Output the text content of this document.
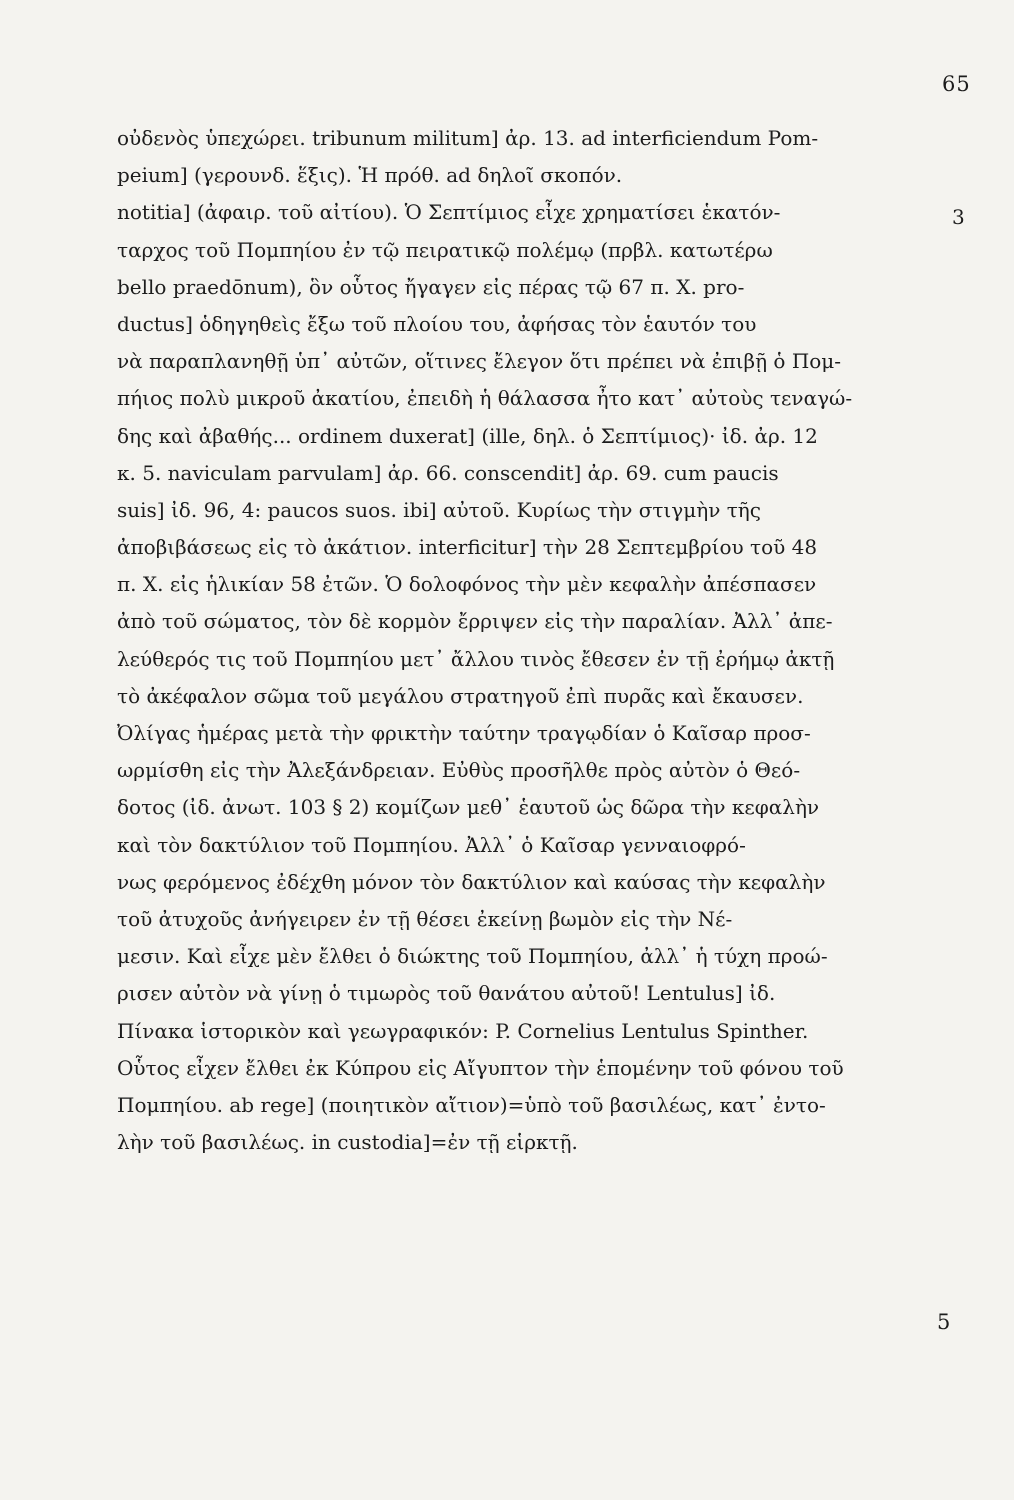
65
3
οὐδενὸς ὑπεχώρει. tribunum militum] ἀρ. 13. ad interficiendum Pom-
peium] (γερουνδ. ἕξις). Ἡ πρόθ. ad δηλοῖ σκοπόν.
notitia] (ἀφαιρ. τοῦ αἰτίου). Ὁ Σεπτίμιος εἶχε χρηματίσει ἑκατόν-
ταρχος τοῦ Πομπηίου ἐν τῷ πειρατικῷ πολέμῳ (πρβλ. κατωτέρω
bello praedōnum), ὃν οὗτος ἤγαγεν εἰς πέρας τῷ 67 π. Χ. pro-
ductus] ὁδηγηθεὶς ἔξω τοῦ πλοίου του, ἀφήσας τὸν ἑαυτόν του
νὰ παραπλανηθῇ ὑπ᾽ αὐτῶν, οἵτινες ἔλεγον ὅτι πρέπει νὰ ἐπιβῇ ὁ Πομ-
πήιος πολὺ μικροῦ ἀκατίου, ἐπειδὴ ἡ θάλασσα ἦτο κατ᾽ αὐτοὺς τεναγώ-
δης καὶ ἀβαθής... ordinem duxerat] (ille, δηλ. ὁ Σεπτίμιος)· ἰδ. ἀρ. 12
κ. 5. naviculam parvulam] ἀρ. 66. conscendit] ἀρ. 69. cum paucis
suis] ἰδ. 96, 4: paucos suos. ibi] αὐτοῦ. Κυρίως τὴν στιγμὴν τῆς
ἀποβιβάσεως εἰς τὸ ἀκάτιον. interficitur] τὴν 28 Σεπτεμβρίου τοῦ 48
π. Χ. εἰς ἡλικίαν 58 ἐτῶν. Ὁ δολοφόνος τὴν μὲν κεφαλὴν ἀπέσπασεν
ἀπὸ τοῦ σώματος, τὸν δὲ κορμὸν ἔρριψεν εἰς τὴν παραλίαν. Ἀλλ᾽ ἀπε-
λεύθερός τις τοῦ Πομπηίου μετ᾽ ἄλλου τινὸς ἔθεσεν ἐν τῇ ἐρήμῳ ἀκτῇ
τὸ ἀκέφαλον σῶμα τοῦ μεγάλου στρατηγοῦ ἐπὶ πυρᾶς καὶ ἔκαυσεν.
Ὀλίγας ἡμέρας μετὰ τὴν φρικτὴν ταύτην τραγῳδίαν ὁ Καῖσαρ προσ-
ωρμίσθη εἰς τὴν Ἀλεξάνδρειαν. Εὐθὺς προσῆλθε πρὸς αὐτὸν ὁ Θεό-
δοτος (ἰδ. ἀνωτ. 103 § 2) κομίζων μεθ᾽ ἑαυτοῦ ὡς δῶρα τὴν κεφαλὴν
καὶ τὸν δακτύλιον τοῦ Πομπηίου. Ἀλλ᾽ ὁ Καῖσαρ γενναιοφρό-
νως φερόμενος ἐδέχθη μόνον τὸν δακτύλιον καὶ καύσας τὴν κεφαλὴν
τοῦ ἀτυχοῦς ἀνήγειρεν ἐν τῇ θέσει ἐκείνῃ βωμὸν εἰς τὴν Νέ-
μεσιν. Καὶ εἶχε μὲν ἔλθει ὁ διώκτης τοῦ Πομπηίου, ἀλλ᾽ ἡ τύχη προώ-
ρισεν αὐτὸν νὰ γίνῃ ὁ τιμωρὸς τοῦ θανάτου αὐτοῦ! Lentulus] ἰδ.
Πίνακα ἱστορικὸν καὶ γεωγραφικόν: P. Cornelius Lentulus Spinther.
Οὗτος εἶχεν ἔλθει ἐκ Κύπρου εἰς Αἴγυπτον τὴν ἑπομένην τοῦ φόνου τοῦ
Πομπηίου. ab rege] (ποιητικὸν αἴτιον)=ὑπὸ τοῦ βασιλέως, κατ᾽ ἐντο-
λὴν τοῦ βασιλέως. in custodia]=ἐν τῇ εἱρκτῇ.
5
